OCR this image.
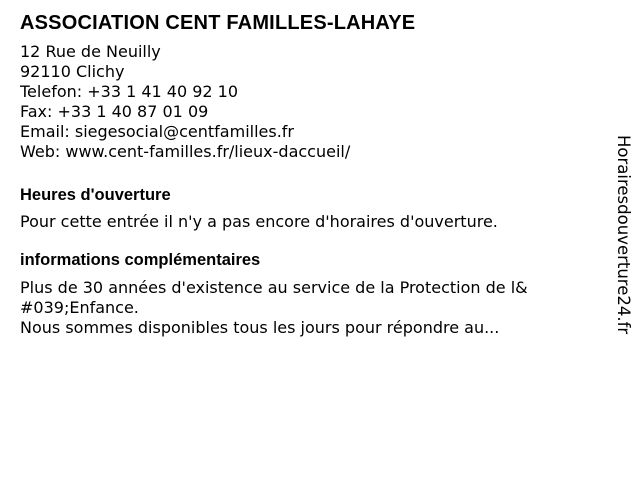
ASSOCIATION CENT FAMILLES-LAHAYE

12 Rue de Neuilly

92110 Clichy

Telefon: +33 1 41 40 92 10

Fax: +33 1 40 87 01 09

Email: siegesocial@centfamilles.fr

Web: www.cent-familles.fr/lieux-daccueil/

Heures d'ouverture

Pour cette entrée il n'y a pas encore d'horaires d'ouverture.

informations complémentaires
Plus de 30 années d'existence au service de la Protection de l&
#039;Enfance.
Nous sommes disponibles tous les jours pour répondre au...	Horairesdouverture24.fr
